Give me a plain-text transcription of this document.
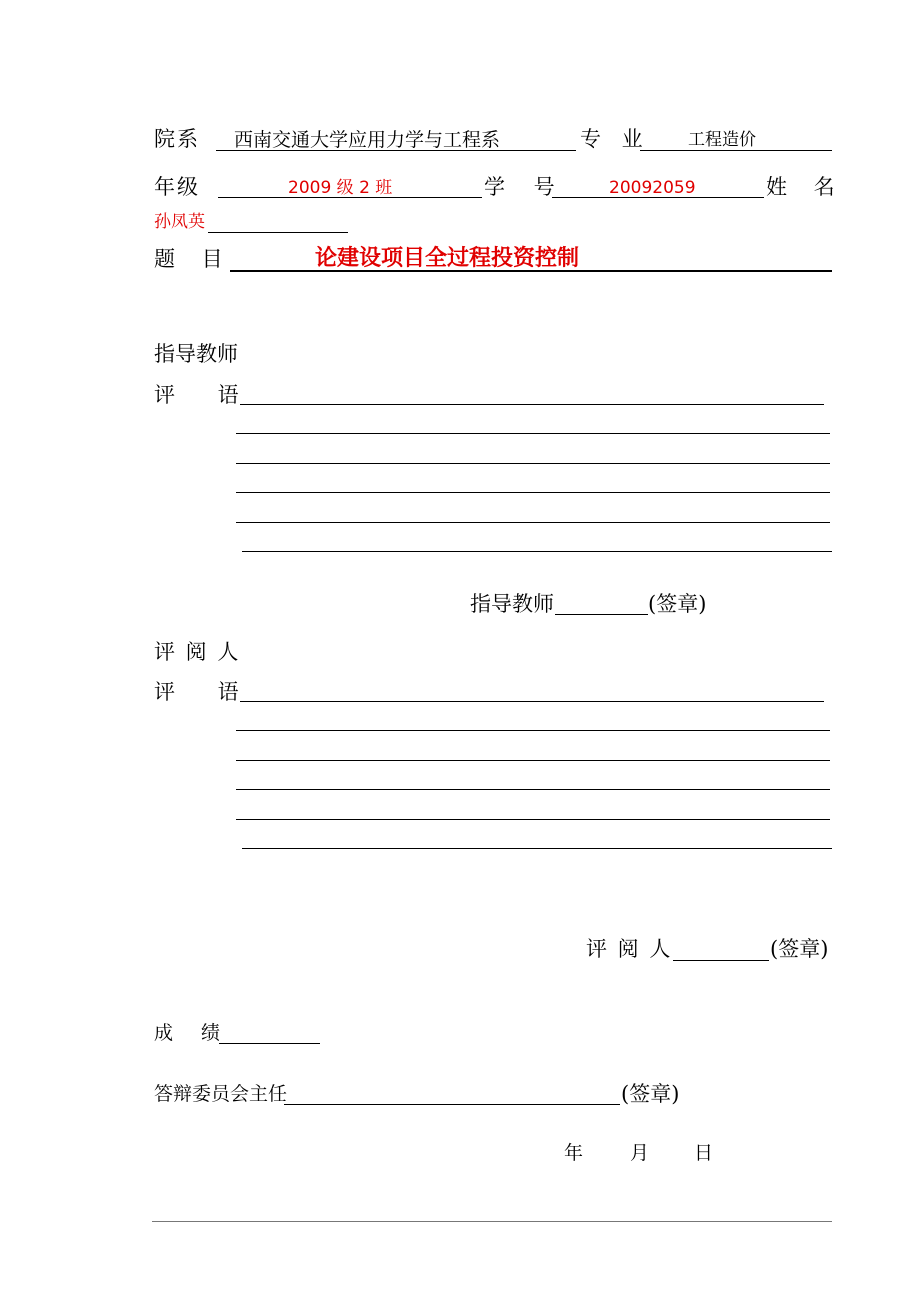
院系 西南交通大学应用力学与工程系	专 业	工程造价
年级	2009 级 2 班	学 号	20092059	姓 名
孙凤英
题 目	论建设项目全过程投资控制
指导教师
评 语
指导教师	(签章)
评 阅 人
评 语
评 阅 人	(签章)
成 绩
答辩委员会主任	(签章)
年 月 日
